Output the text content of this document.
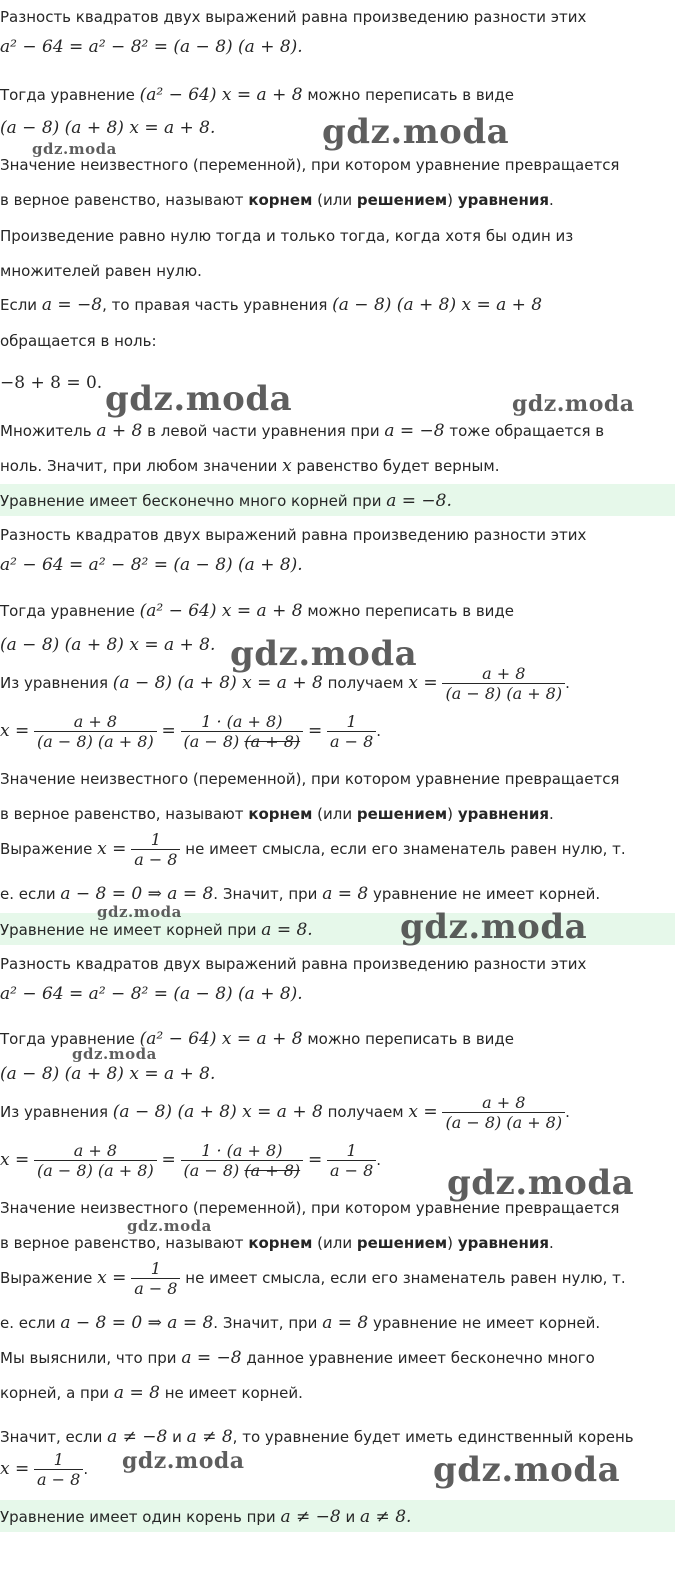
Разность квадратов двух выражений равна произведению разности этих
a² − 64 = a² − 8² = (a − 8) (a + 8).
Тогда уравнение (a² − 64) x = a + 8 можно переписать в виде
(a − 8) (a + 8) x = a + 8.
Значение неизвестного (переменной), при котором уравнение превращается
в верное равенство, называют корнем (или решением) уравнения.
Произведение равно нулю тогда и только тогда, когда хотя бы один из
множителей равен нулю.
Если a = −8, то правая часть уравнения (a − 8) (a + 8) x = a + 8
обращается в ноль:
−8 + 8 = 0.
Множитель a + 8 в левой части уравнения при a = −8 тоже обращается в
ноль. Значит, при любом значении x равенство будет верным.
Уравнение имеет бесконечно много корней при a = −8.
Разность квадратов двух выражений равна произведению разности этих
a² − 64 = a² − 8² = (a − 8) (a + 8).
Тогда уравнение (a² − 64) x = a + 8 можно переписать в виде
(a − 8) (a + 8) x = a + 8.
Из уравнения (a − 8) (a + 8) x = a + 8 получаем $x = \frac{a + 8}{(a - 8) (a + 8)}$ .
$x = \frac{a + 8}{(a - 8) (a + 8)} = \frac{1 \cdot (a + 8)}{(a - 8) (a + 8)} = \frac{1}{a - 8}$ .
Значение неизвестного (переменной), при котором уравнение превращается
в верное равенство, называют корнем (или решением) уравнения.
Выражение $x = \frac{1}{a - 8}$ не имеет смысла, если его знаменатель равен нулю, т.
е. если a − 8 = 0 ⇒ a = 8. Значит, при a = 8 уравнение не имеет корней.
Уравнение не имеет корней при a = 8.
Разность квадратов двух выражений равна произведению разности этих
a² − 64 = a² − 8² = (a − 8) (a + 8).
Тогда уравнение (a² − 64) x = a + 8 можно переписать в виде
(a − 8) (a + 8) x = a + 8.
Из уравнения (a − 8) (a + 8) x = a + 8 получаем $x = \frac{a + 8}{(a - 8) (a + 8)}$ .
$x = \frac{a + 8}{(a - 8) (a + 8)} = \frac{1 \cdot (a + 8)}{(a - 8) (a + 8)} = \frac{1}{a - 8}$ .
Значение неизвестного (переменной), при котором уравнение превращается
в верное равенство, называют корнем (или решением) уравнения.
Выражение $x = \frac{1}{a - 8}$ не имеет смысла, если его знаменатель равен нулю, т.
е. если a − 8 = 0 ⇒ a = 8. Значит, при a = 8 уравнение не имеет корней.
Мы выяснили, что при a = −8 данное уравнение имеет бесконечно много
корней, а при a = 8 не имеет корней.
Значит, если a ≠ −8 и a ≠ 8, то уравнение будет иметь единственный корень
$x = \frac{1}{a - 8}$ .
Уравнение имеет один корень при a ≠ −8 и a ≠ 8.
gdz.moda
gdz.moda
gdz.moda	gdz.moda
gdz.moda
gdz.moda	gdz.moda
gdz.moda
gdz.moda
gdz.moda
gdz.moda	gdz.moda
